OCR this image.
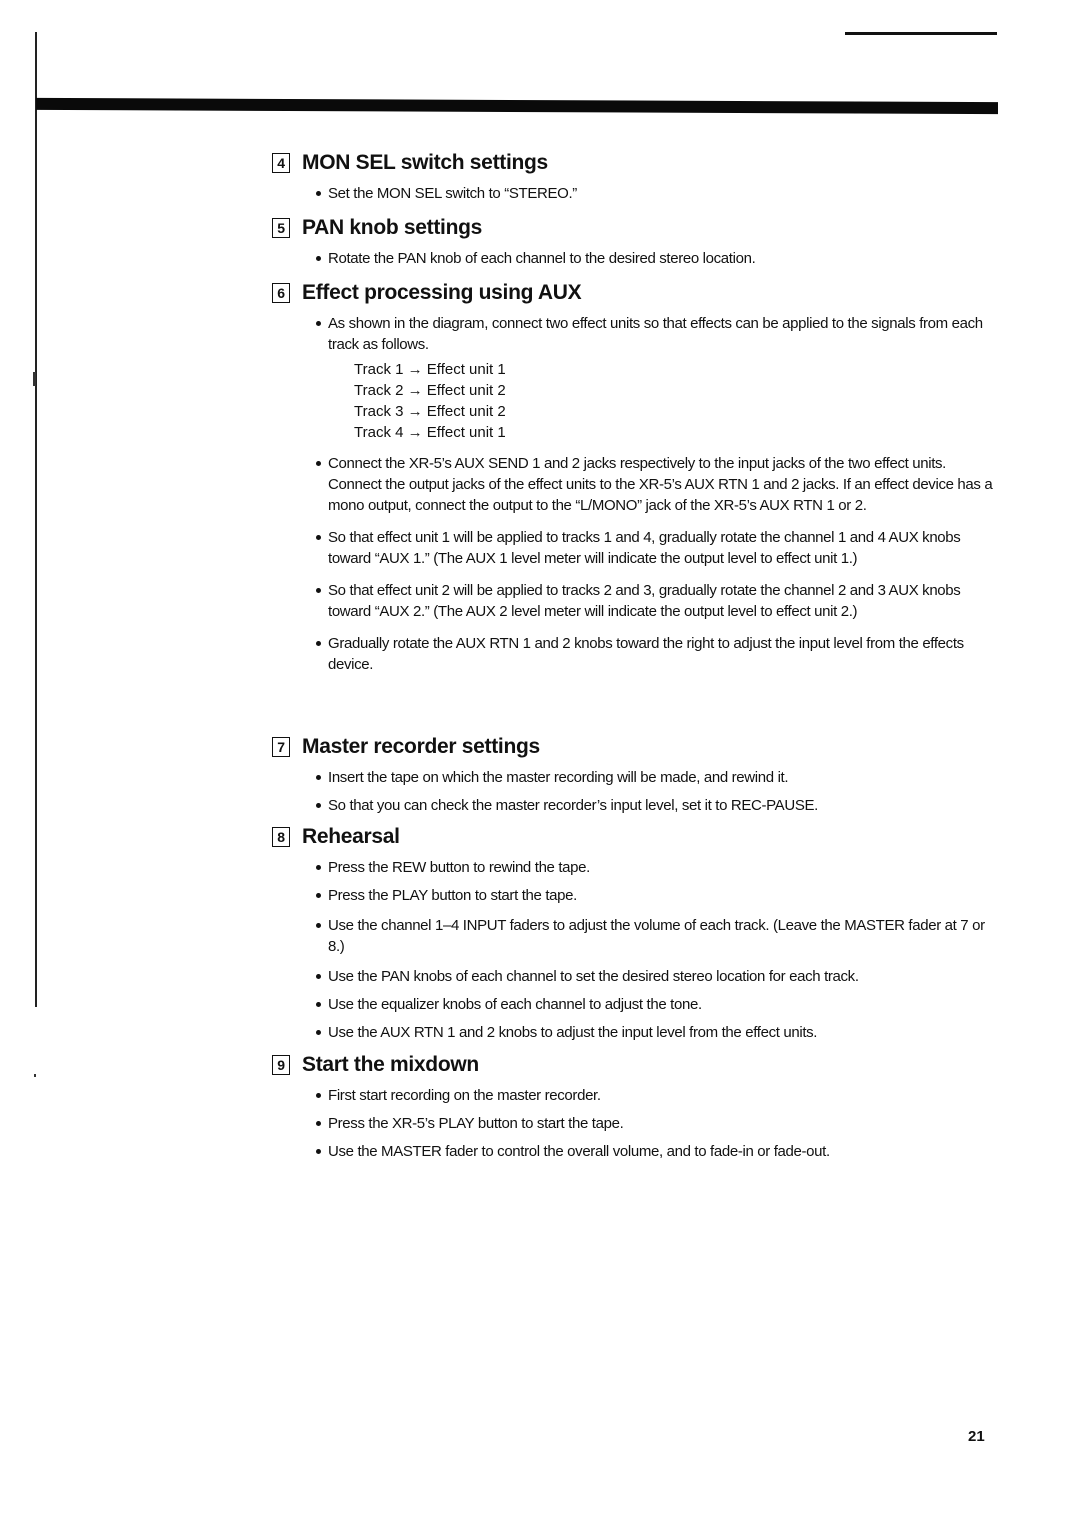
4 MON SEL switch settings
Set the MON SEL switch to “STEREO.”
5 PAN knob settings
Rotate the PAN knob of each channel to the desired stereo location.
6 Effect processing using AUX
As shown in the diagram, connect two effect units so that effects can be applied to the signals from each track as follows.
Track 1 → Effect unit 1
Track 2 → Effect unit 2
Track 3 → Effect unit 2
Track 4 → Effect unit 1
Connect the XR-5’s AUX SEND 1 and 2 jacks respectively to the input jacks of the two effect units. Connect the output jacks of the effect units to the XR-5’s AUX RTN 1 and 2 jacks. If an effect device has a mono output, connect the output to the “L/MONO” jack of the XR-5’s AUX RTN 1 or 2.
So that effect unit 1 will be applied to tracks 1 and 4, gradually rotate the channel 1 and 4 AUX knobs toward “AUX 1.” (The AUX 1 level meter will indicate the output level to effect unit 1.)
So that effect unit 2 will be applied to tracks 2 and 3, gradually rotate the channel 2 and 3 AUX knobs toward “AUX 2.” (The AUX 2 level meter will indicate the output level to effect unit 2.)
Gradually rotate the AUX RTN 1 and 2 knobs toward the right to adjust the input level from the effects device.
7 Master recorder settings
Insert the tape on which the master recording will be made, and rewind it.
So that you can check the master recorder’s input level, set it to REC-PAUSE.
8 Rehearsal
Press the REW button to rewind the tape.
Press the PLAY button to start the tape.
Use the channel 1–4 INPUT faders to adjust the volume of each track. (Leave the MASTER fader at 7 or 8.)
Use the PAN knobs of each channel to set the desired stereo location for each track.
Use the equalizer knobs of each channel to adjust the tone.
Use the AUX RTN 1 and 2 knobs to adjust the input level from the effect units.
9 Start the mixdown
First start recording on the master recorder.
Press the XR-5’s PLAY button to start the tape.
Use the MASTER fader to control the overall volume, and to fade-in or fade-out.
21
